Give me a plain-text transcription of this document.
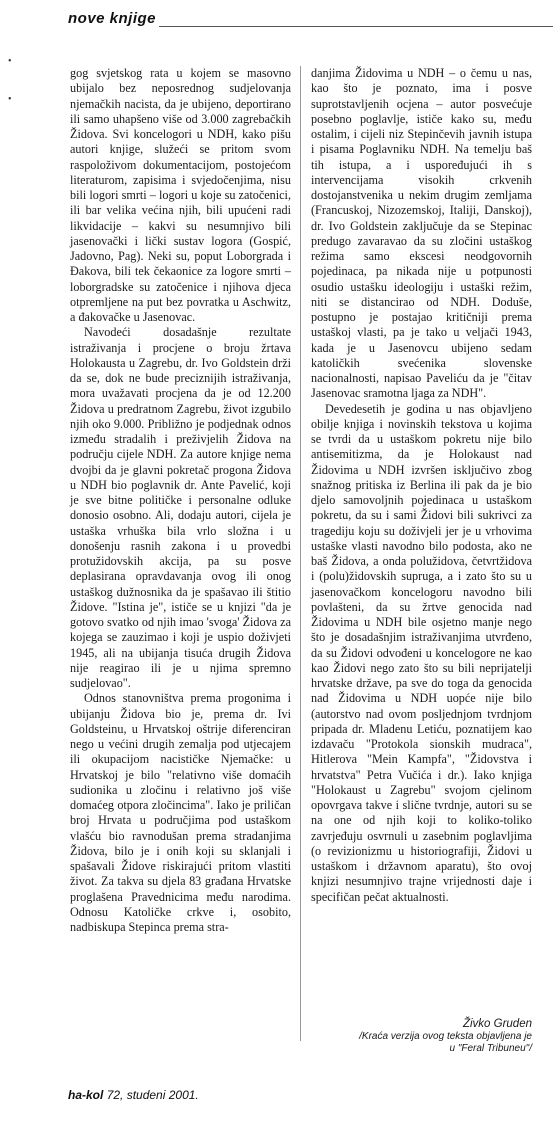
nove knjige
•
•

gog svjetskog rata u kojem se masovno ubijalo bez neposrednog sudjelovanja njemačkih nacista, da je ubijeno, deportirano ili samo uhapšeno više od 3.000 zagrebačkih Židova. Svi koncelogori u NDH, kako pišu autori knjige, služeći se pritom svom raspoloživom dokumentacijom, postojećom literaturom, zapisima i svjedočenjima, nisu bili logori smrti – logori u koje su zatočenici, ili bar velika većina njih, bili upućeni radi likvidacije – kakvi su nesumnjivo bili jasenovački i lički sustav logora (Gospić, Jadovno, Pag). Neki su, poput Loborgrada i Đakova, bili tek čekaonice za logore smrti – loborgradske su zatočenice i njihova djeca otpremljene na put bez povratka u Aschwitz, a đakovačke u Jasenovac.

Navodeći dosadašnje rezultate istraživanja i procjene o broju žrtava Holokausta u Zagrebu, dr. Ivo Goldstein drži da se, dok ne bude preciznijih istraživanja, mora uvažavati procjena da je od 12.200 Židova u predratnom Zagrebu, život izgubilo njih oko 9.000. Približno je podjednak odnos između stradalih i preživjelih Židova na području cijele NDH. Za autore knjige nema dvojbi da je glavni pokretač progona Židova u NDH bio poglavnik dr. Ante Pavelić, koji je sve bitne političke i personalne odluke donosio osobno. Ali, dodaju autori, cijela je ustaška vrhuška bila vrlo složna i u donošenju rasnih zakona i u provedbi protužidovskih akcija, pa su posve deplasirana opravdavanja ovog ili onog ustaškog dužnosnika da je spašavao ili štitio Židove. "Istina je", ističe se u knjizi "da je gotovo svatko od njih imao 'svoga' Židova za kojega se zauzimao i koji je uspio doživjeti 1945, ali na ubijanja tisuća drugih Židova nije reagirao ili je u njima spremno sudjelovao".

Odnos stanovništva prema progonima i ubijanju Židova bio je, prema dr. Ivi Goldsteinu, u Hrvatskoj oštrije diferenciran nego u većini drugih zemalja pod utjecajem ili okupacijom nacističke Njemačke: u Hrvatskoj je bilo "relativno više domaćih sudionika u zločinu i relativno još više domaćeg otpora zločincima". Iako je priličan broj Hrvata u područjima pod ustaškom vlašću bio ravnodušan prema stradanjima Židova, bilo je i onih koji su sklanjali i spašavali Židove riskirajući pritom vlastiti život. Za takva su djela 83 građana Hrvatske proglašena Pravednicima među narodima. Odnosu Katoličke crkve i, osobito, nadbiskupa Stepinca prema stra-

danjima Židovima u NDH – o čemu u nas, kao što je poznato, ima i posve suprotstavljenih ocjena – autor posvećuje posebno poglavlje, ističe kako su, među ostalim, i cijeli niz Stepinčevih javnih istupa i pisama Poglavniku NDH. Na temelju baš tih istupa, a i uspoređujući ih s intervencijama visokih crkvenih dostojanstvenika u nekim drugim zemljama (Francuskoj, Nizozemskoj, Italiji, Danskoj), dr. Ivo Goldstein zaključuje da se Stepinac predugo zavaravao da su zločini ustaškog režima samo ekscesi neodgovornih pojedinaca, pa nikada nije u potpunosti osudio ustašku ideologiju i ustaški režim, niti se distancirao od NDH. Doduše, postupno je postajao kritičniji prema ustaškoj vlasti, pa je tako u veljači 1943, kada je u Jasenovcu ubijeno sedam katoličkih svećenika slovenske nacionalnosti, napisao Paveliću da je "čitav Jasenovac sramotna ljaga za NDH".

Devedesetih je godina u nas objavljeno obilje knjiga i novinskih tekstova u kojima se tvrdi da u ustaškom pokretu nije bilo antisemitizma, da je Holokaust nad Židovima u NDH izvršen isključivo zbog snažnog pritiska iz Berlina ili pak da je bio djelo samovoljnih pojedinaca u ustaškom pokretu, da su i sami Židovi bili sukrivci za tragediju koju su doživjeli jer je u vrhovima ustaške vlasti navodno bilo podosta, ako ne baš Židova, a onda polužidova, četvrtžidova i (polu)židovskih supruga, a i zato što su u jasenovačkom koncelogoru navodno bili povlašteni, da su žrtve genocida nad Židovima u NDH bile osjetno manje nego što je dosadašnjim istraživanjima utvrđeno, da su Židovi odvođeni u koncelogore ne kao kao Židovi nego zato što su bili neprijatelji hrvatske države, pa sve do toga da genocida nad Židovima u NDH uopće nije bilo (autorstvo nad ovom posljednjom tvrdnjom pripada dr. Mladenu Letiću, poznatijem kao izdavaču "Protokola sionskih mudraca", Hitlerova "Mein Kampfa", "Židovstva i hrvatstva" Petra Vučića i dr.). Iako knjiga "Holokaust u Zagrebu" svojom cjelinom opovrgava takve i slične tvrdnje, autori su se na one od njih koji to koliko-toliko zavrjeđuju osvrnuli u zasebnim poglavljima (o revizionizmu u historiografiji, Židovi u ustaškom i državnom aparatu), što ovoj knjizi nesumnjivo trajne vrijednosti daje i specifičan pečat aktualnosti.

Živko Gruden
/Kraća verzija ovog teksta objavljena je
u "Feral Tribuneu"/
ha-kol 72, studeni 2001.
